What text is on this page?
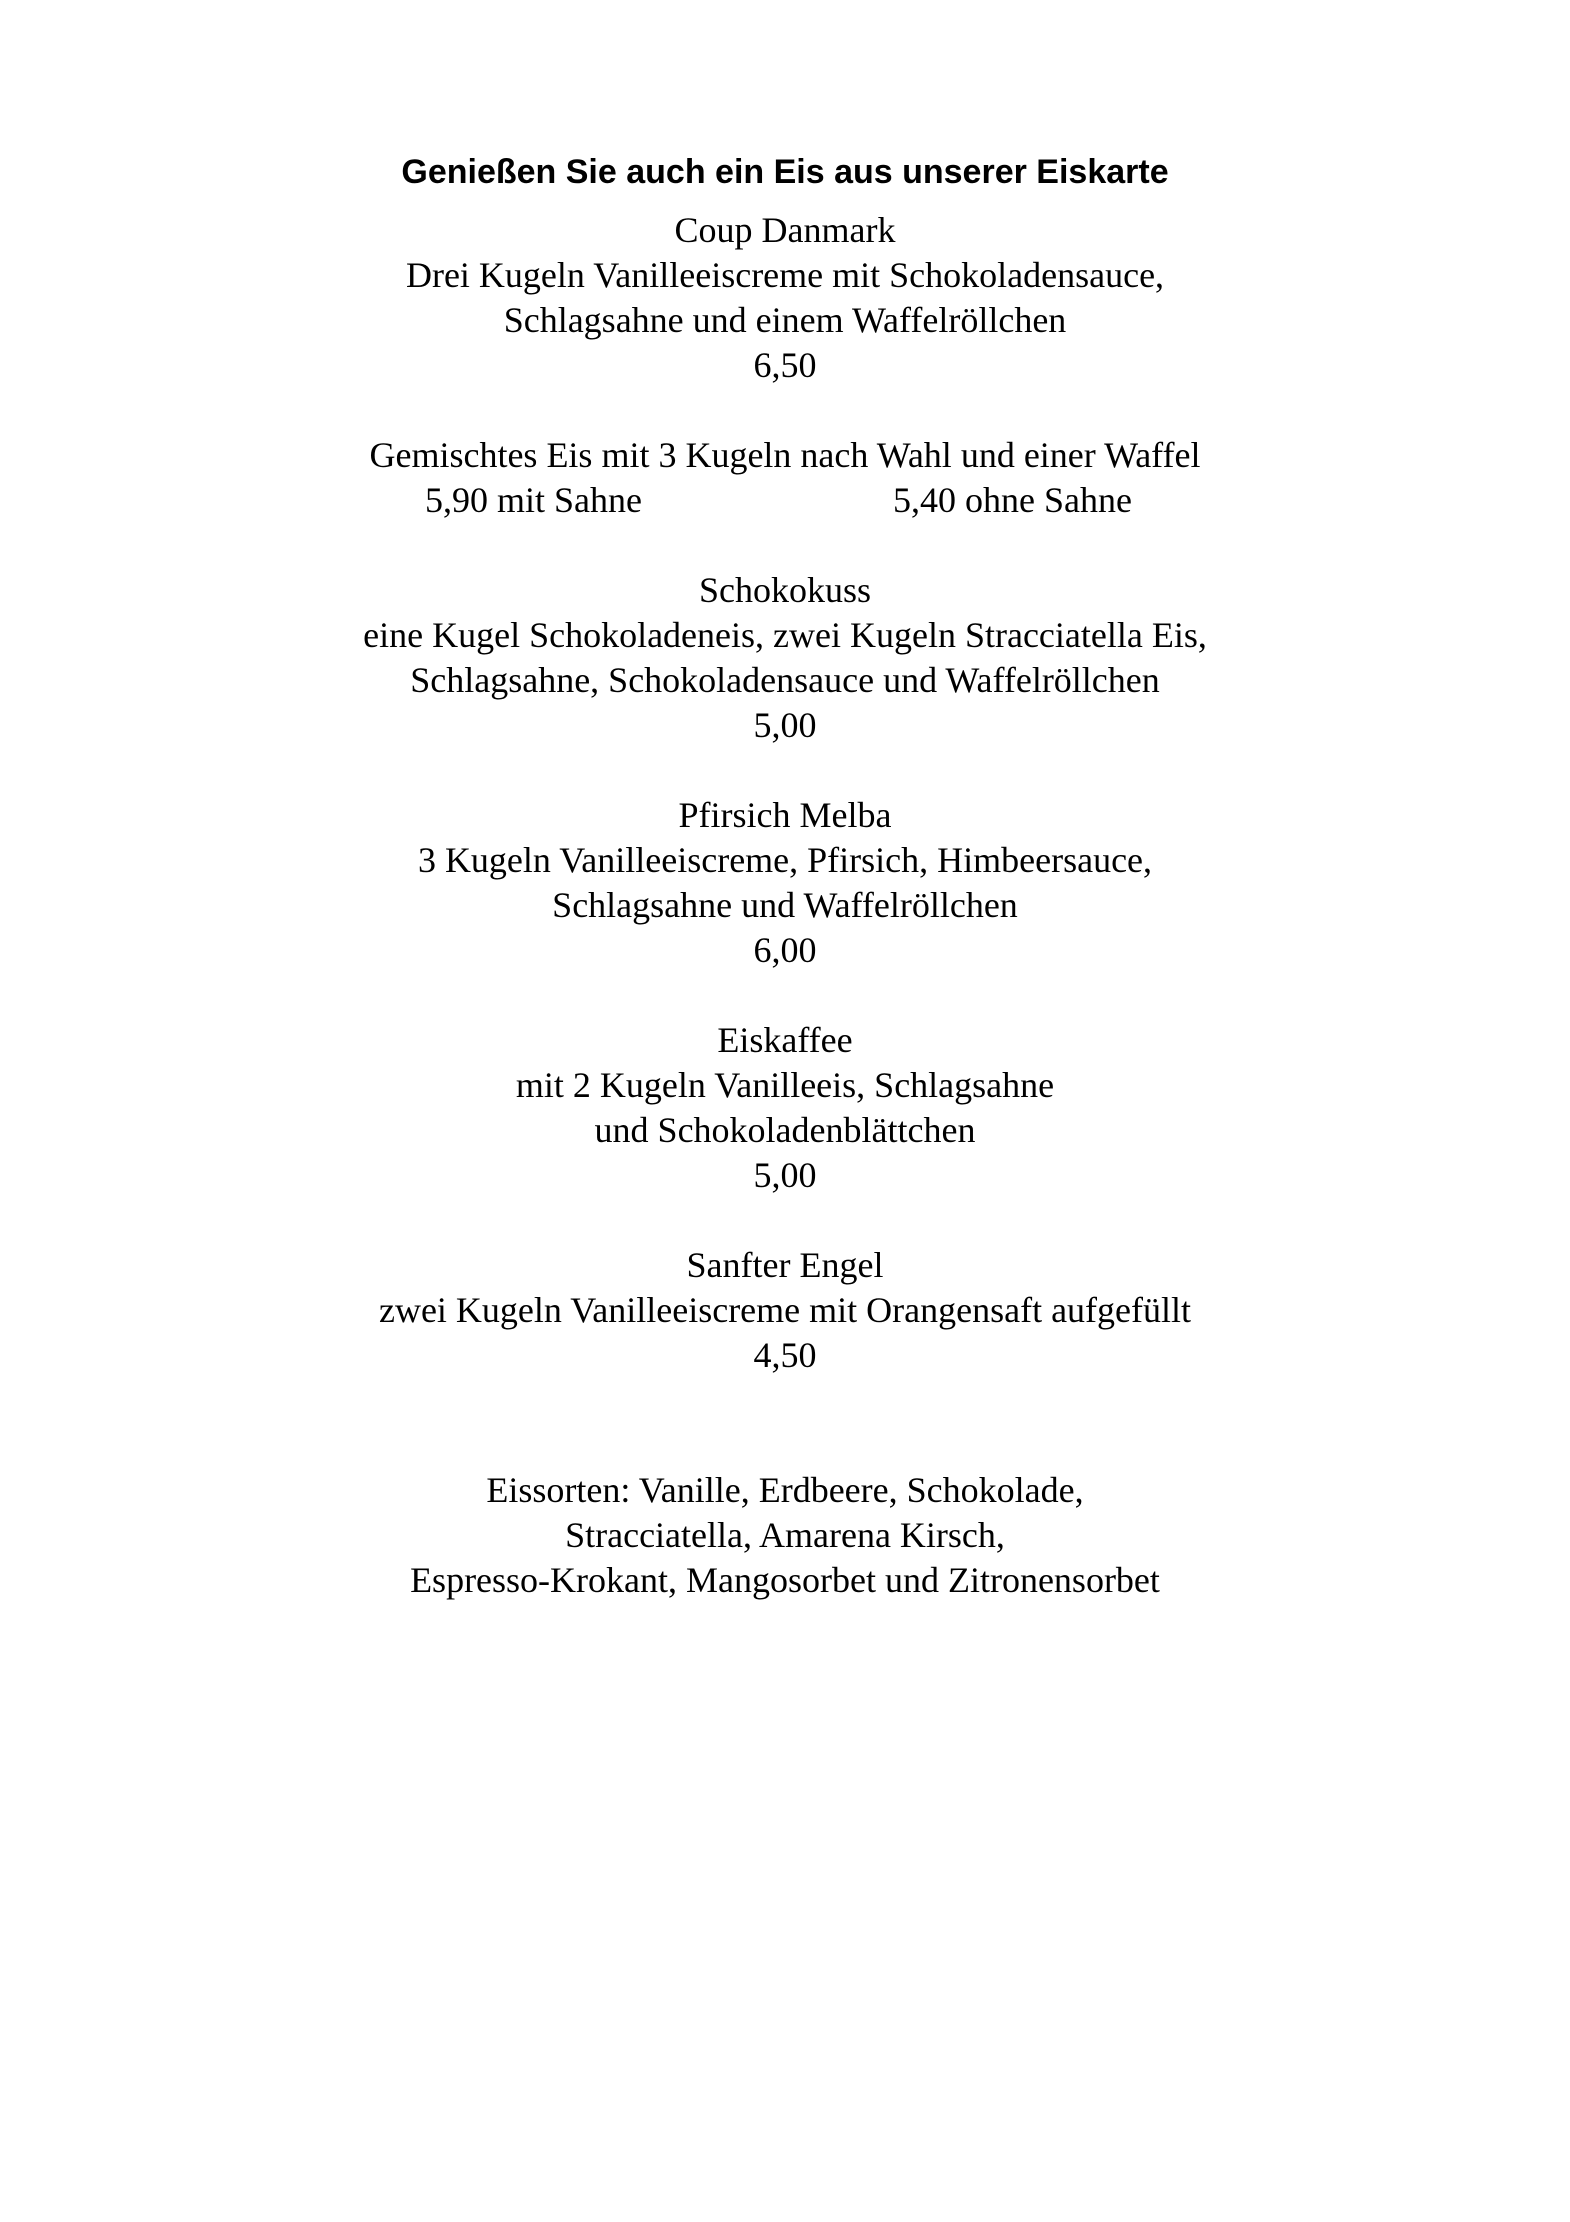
Genießen Sie auch ein Eis aus unserer Eiskarte

Coup Danmark

Drei Kugeln Vanilleeiscreme mit Schokoladensauce,

Schlagsahne und einem Waffelröllchen

6,50

Gemischtes Eis mit 3 Kugeln nach Wahl und einer Waffel

5,90 mit Sahne	5,40 ohne Sahne

Schokokuss

eine Kugel Schokoladeneis, zwei Kugeln Stracciatella Eis,

Schlagsahne, Schokoladensauce und Waffelröllchen

5,00

Pfirsich Melba

3 Kugeln Vanilleeiscreme, Pfirsich, Himbeersauce,

Schlagsahne und Waffelröllchen

6,00

Eiskaffee

mit 2 Kugeln Vanilleeis, Schlagsahne

und Schokoladenblättchen

5,00

Sanfter Engel

zwei Kugeln Vanilleeiscreme mit Orangensaft aufgefüllt

4,50

Eissorten: Vanille, Erdbeere, Schokolade,

Stracciatella, Amarena Kirsch,

Espresso-Krokant, Mangosorbet und Zitronensorbet
